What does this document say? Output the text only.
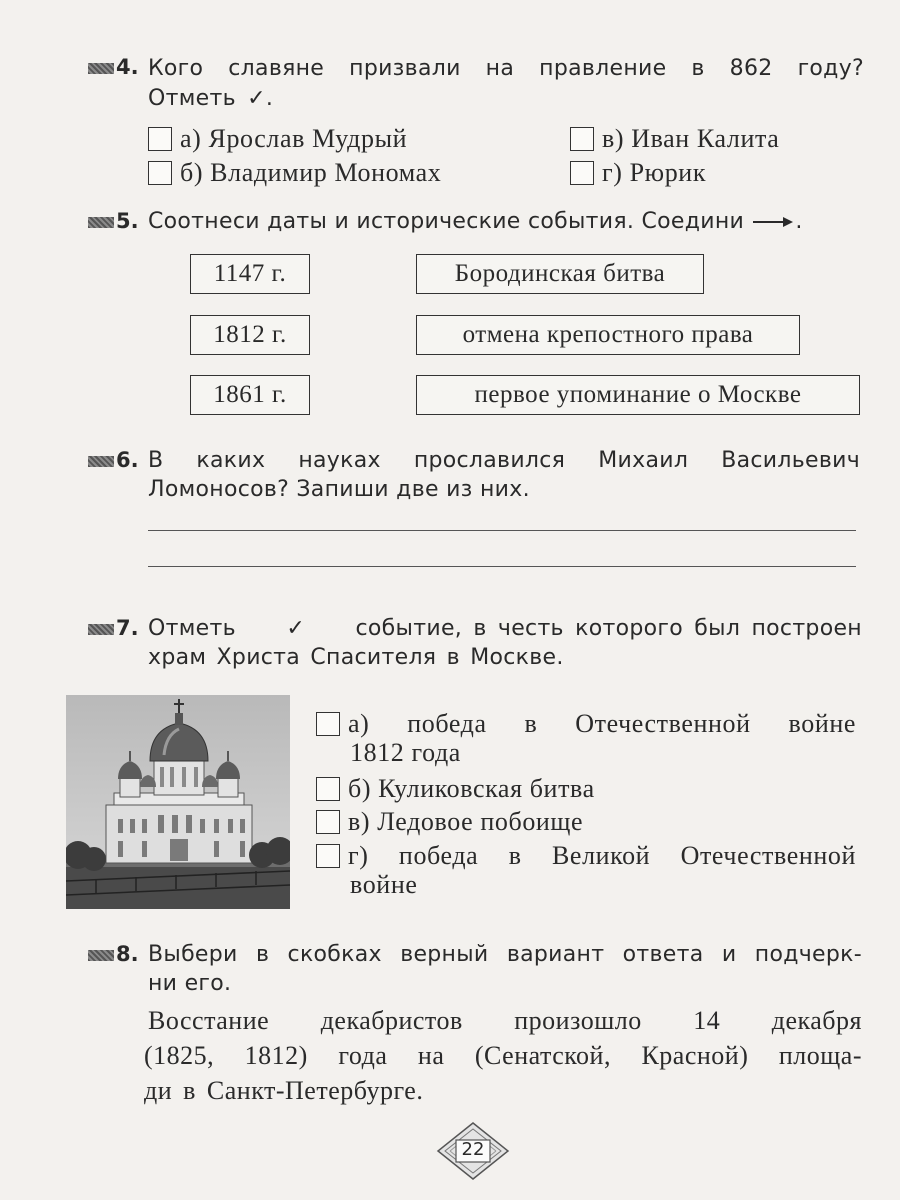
4. Кого славяне призвали на правление в 862 году?
Отметь ✓.
а) Ярослав Мудрый
б) Владимир Мономах
в) Иван Калита
г) Рюрик
5. Соотнеси даты и исторические события. Соедини .
1147 г.
1812 г.
1861 г.
Бородинская битва
отмена крепостного права
первое упоминание о Москве
6. В каких науках прославился Михаил Васильевич
Ломоносов? Запиши две из них.
7. Отметь ✓ событие, в честь которого был построен
храм Христа Спасителя в Москве.
а) победа в Отечественной войне
1812 года
б) Куликовская битва
в) Ледовое побоище
г) победа в Великой Отечественной
войне
8. Выбери в скобках верный вариант ответа и подчерк-
ни его.
Восстание декабристов произошло 14 декабря
(1825, 1812) года на (Сенатской, Красной) площа-
ди в Санкт-Петербурге.
22
